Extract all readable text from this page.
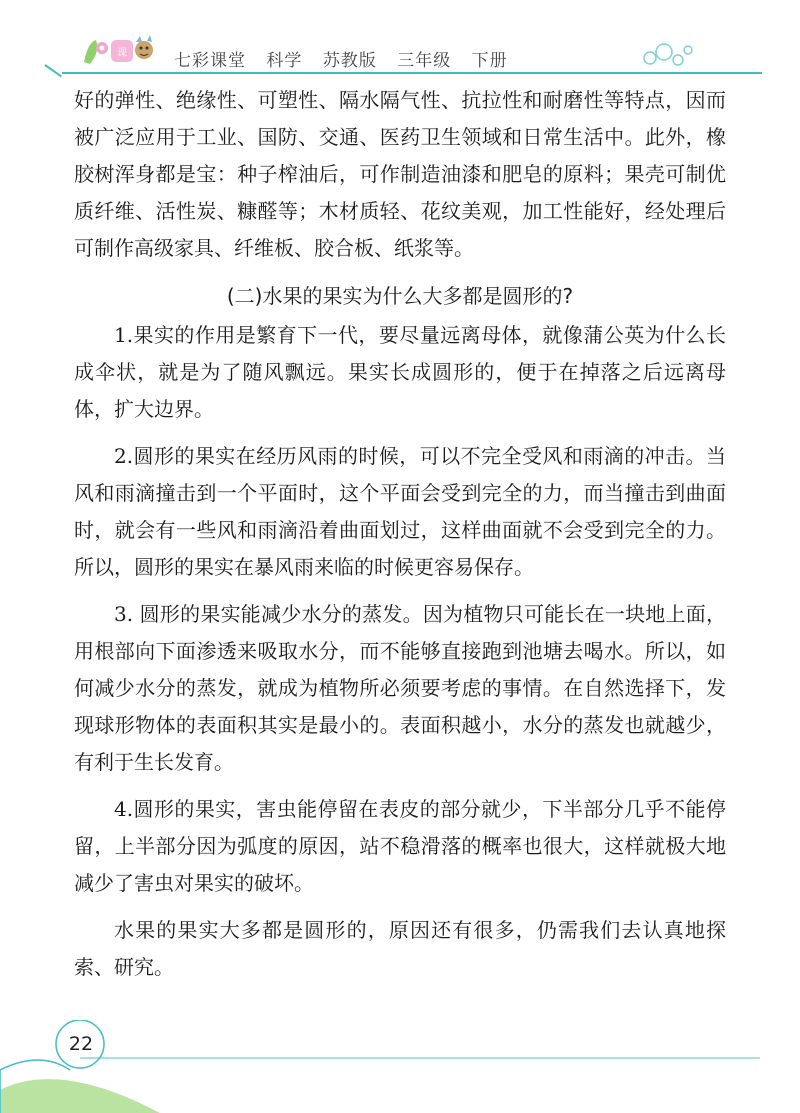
课	七彩课堂 科学 苏教版 三年级 下册

好的弹性、绝缘性、可塑性、隔水隔气性、抗拉性和耐磨性等特点，因而被广泛应用于工业、国防、交通、医药卫生领域和日常生活中。此外，橡胶树浑身都是宝：种子榨油后，可作制造油漆和肥皂的原料；果壳可制优质纤维、活性炭、糠醛等；木材质轻、花纹美观，加工性能好，经处理后可制作高级家具、纤维板、胶合板、纸浆等。

(二)水果的果实为什么大多都是圆形的?

1.果实的作用是繁育下一代，要尽量远离母体，就像蒲公英为什么长成伞状，就是为了随风飘远。果实长成圆形的，便于在掉落之后远离母体，扩大边界。

2.圆形的果实在经历风雨的时候，可以不完全受风和雨滴的冲击。当风和雨滴撞击到一个平面时，这个平面会受到完全的力，而当撞击到曲面时，就会有一些风和雨滴沿着曲面划过，这样曲面就不会受到完全的力。所以，圆形的果实在暴风雨来临的时候更容易保存。

3. 圆形的果实能减少水分的蒸发。因为植物只可能长在一块地上面，用根部向下面渗透来吸取水分，而不能够直接跑到池塘去喝水。所以，如何减少水分的蒸发，就成为植物所必须要考虑的事情。在自然选择下，发现球形物体的表面积其实是最小的。表面积越小，水分的蒸发也就越少，有利于生长发育。

4.圆形的果实，害虫能停留在表皮的部分就少，下半部分几乎不能停留，上半部分因为弧度的原因，站不稳滑落的概率也很大，这样就极大地减少了害虫对果实的破坏。

水果的果实大多都是圆形的，原因还有很多，仍需我们去认真地探索、研究。

22
